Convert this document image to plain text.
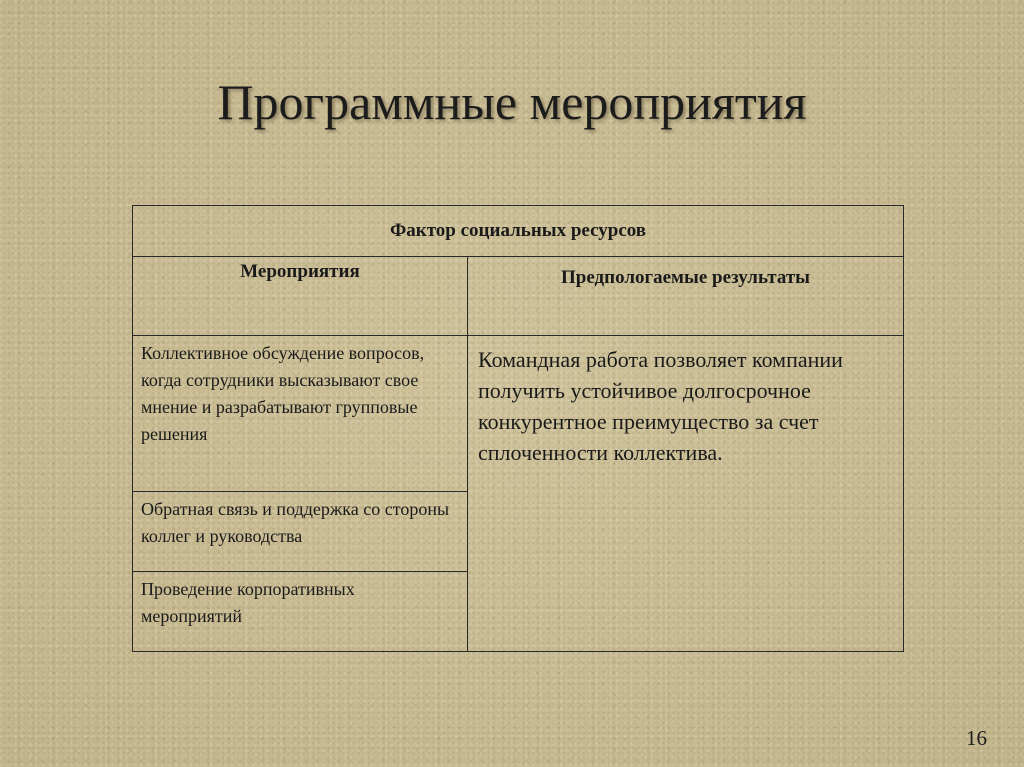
Программные мероприятия
Фактор социальных ресурсов	
Мероприятия	Предпологаемые результаты
Коллективное обсуждение вопросов, когда сотрудники высказывают свое мнение и разрабатывают групповые решения	Командная работа позволяет компании получить устойчивое долгосрочное конкурентное преимущество за счет сплоченности коллектива.
Обратная связь и поддержка со стороны коллег и руководства	
Проведение корпоративных мероприятий	
16
